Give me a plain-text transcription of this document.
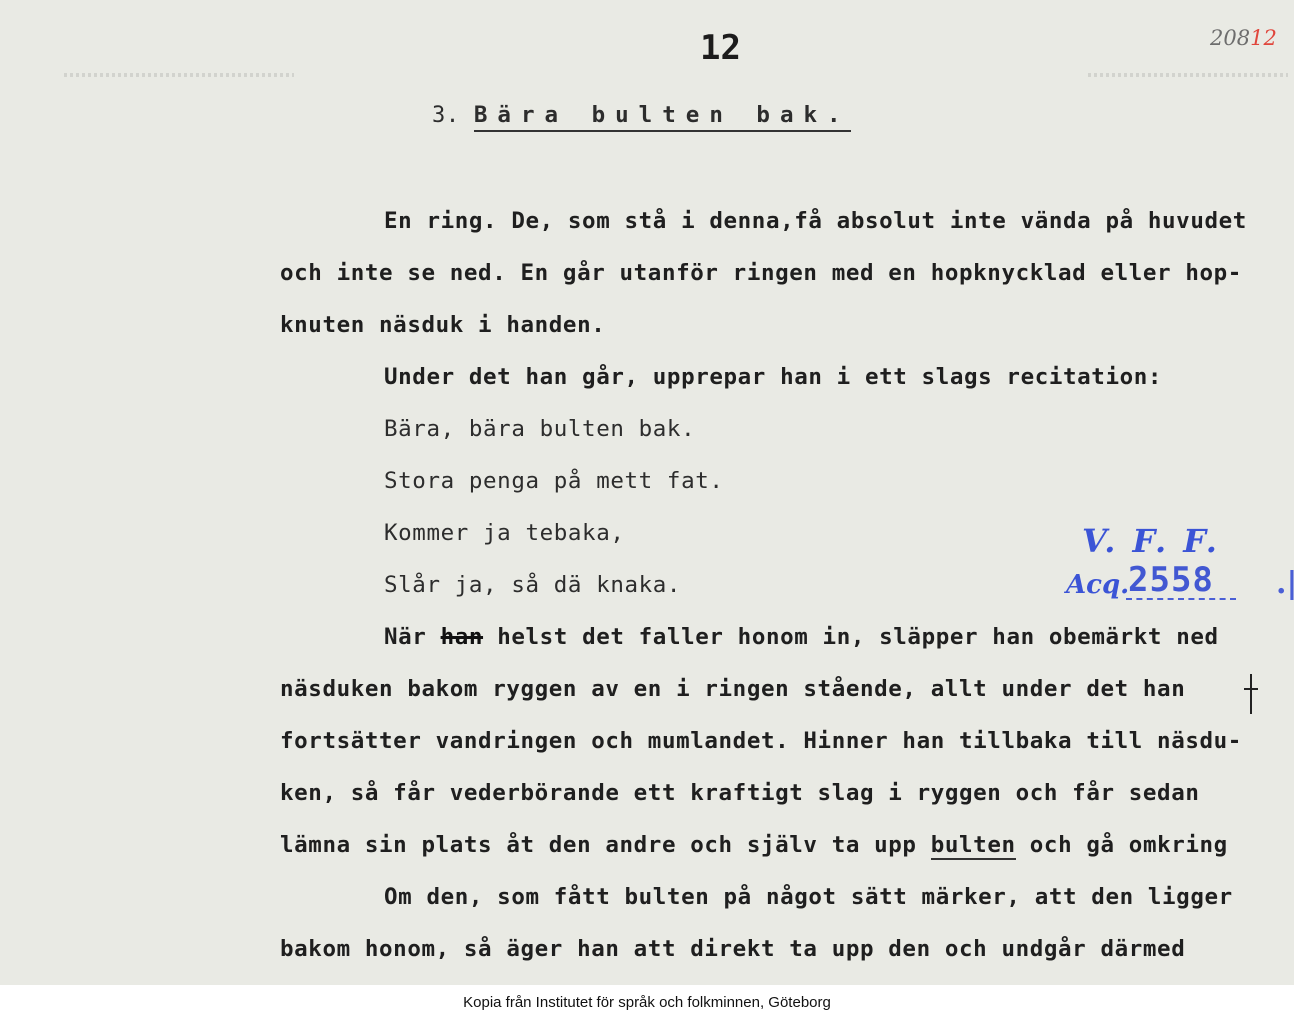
12	20812
3. Bära bulten bak.
En ring. De, som stå i denna,få absolut inte vända på huvudet
och inte se ned. En går utanför ringen med en hopknycklad eller hop-
knuten näsduk i handen.
Under det han går, upprepar han i ett slags recitation:
Bära, bära bulten bak.
Stora penga på mett fat.
Kommer ja tebaka,
Slår ja, så dä knaka.
När han helst det faller honom in, släpper han obemärkt ned
näsduken bakom ryggen av en i ringen stående, allt under det han
fortsätter vandringen och mumlandet. Hinner han tillbaka till näsdu-
ken, så får vederbörande ett kraftigt slag i ryggen och får sedan
lämna sin plats åt den andre och själv ta upp bulten och gå omkring
Om den, som fått bulten på något sätt märker, att den ligger
bakom honom, så äger han att direkt ta upp den och undgår därmed
V. F. F.
Acq.
2558 .|
Kopia från Institutet för språk och folkminnen, Göteborg
